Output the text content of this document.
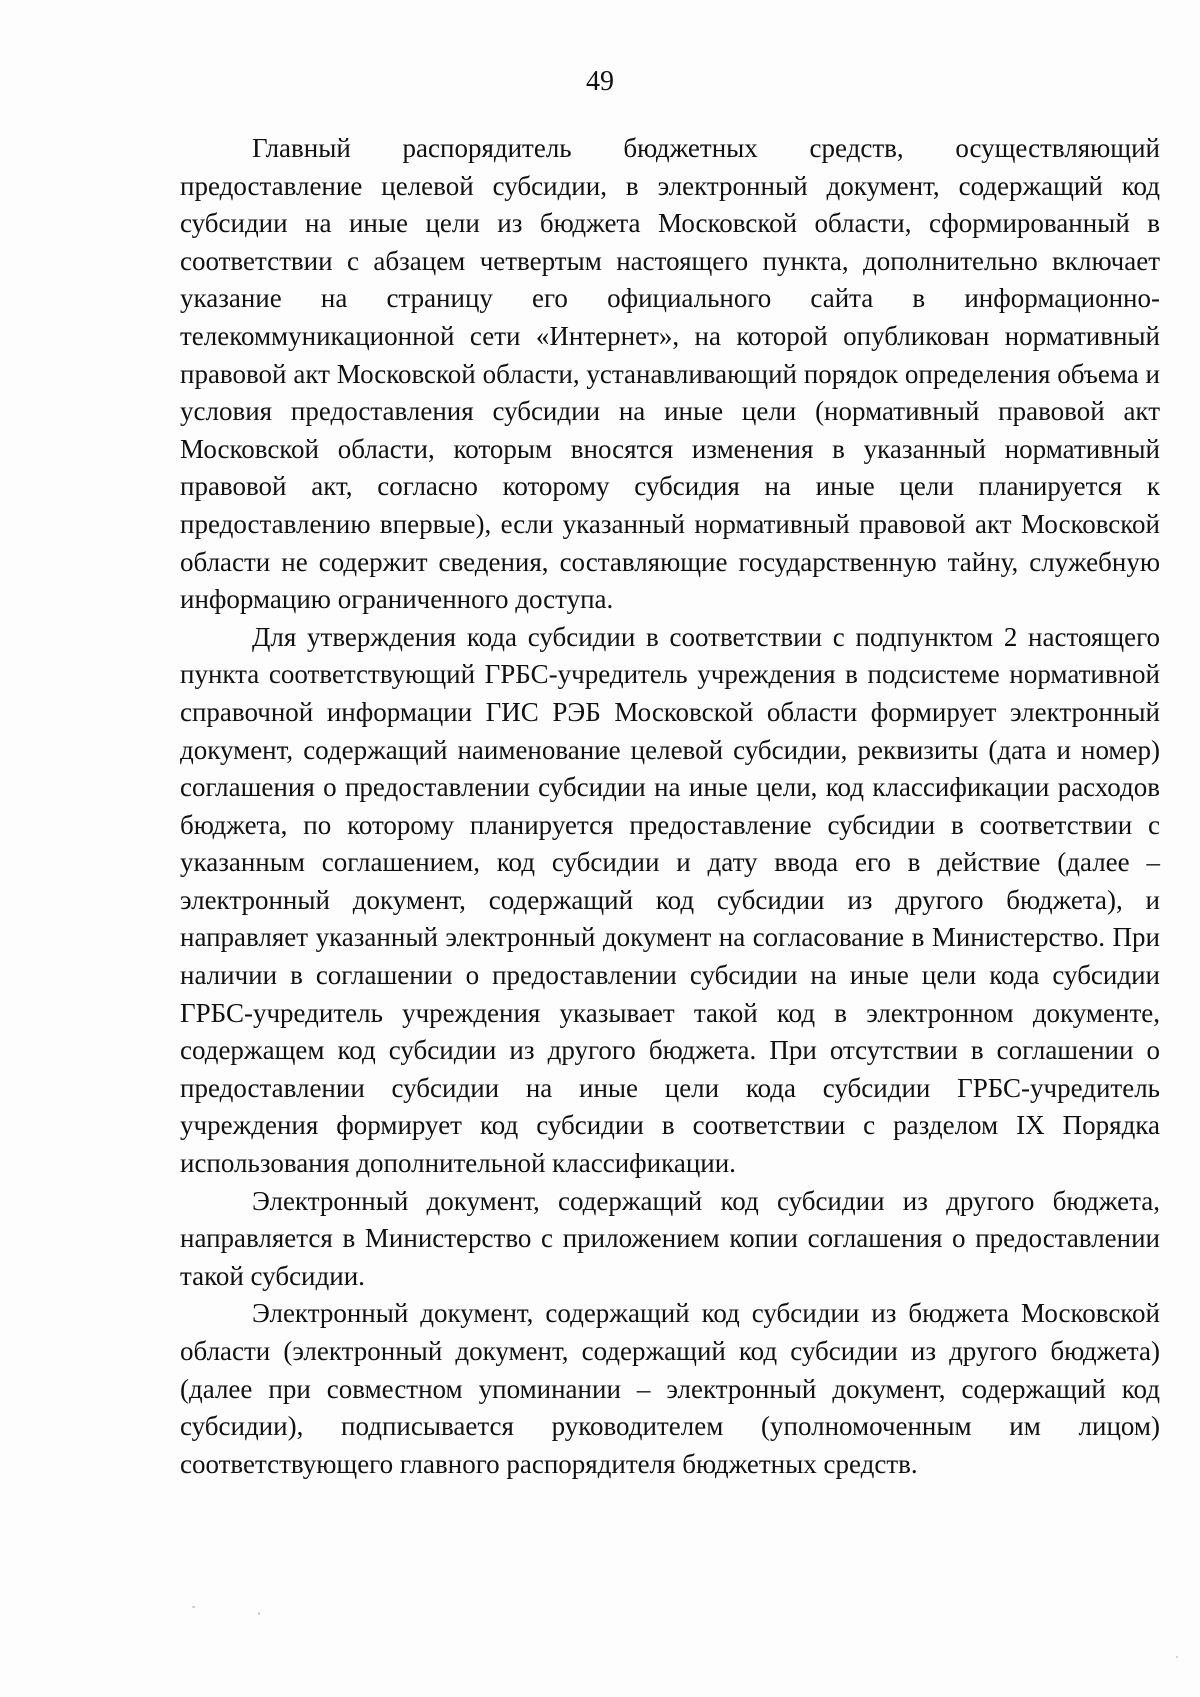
49

Главный распорядитель бюджетных средств, осуществляющий предоставление целевой субсидии, в электронный документ, содержащий код субсидии на иные цели из бюджета Московской области, сформированный в соответствии с абзацем четвертым настоящего пункта, дополнительно включает указание на страницу его официального сайта в информационно-телекоммуникационной сети «Интернет», на которой опубликован нормативный правовой акт Московской области, устанавливающий порядок определения объема и условия предоставления субсидии на иные цели (нормативный правовой акт Московской области, которым вносятся изменения в указанный нормативный правовой акт, согласно которому субсидия на иные цели планируется к предоставлению впервые), если указанный нормативный правовой акт Московской области не содержит сведения, составляющие государственную тайну, служебную информацию ограниченного доступа.

Для утверждения кода субсидии в соответствии с подпунктом 2 настоящего пункта соответствующий ГРБС-учредитель учреждения в подсистеме нормативной справочной информации ГИС РЭБ Московской области формирует электронный документ, содержащий наименование целевой субсидии, реквизиты (дата и номер) соглашения о предоставлении субсидии на иные цели, код классификации расходов бюджета, по которому планируется предоставление субсидии в соответствии с указанным соглашением, код субсидии и дату ввода его в действие (далее – электронный документ, содержащий код субсидии из другого бюджета), и направляет указанный электронный документ на согласование в Министерство. При наличии в соглашении о предоставлении субсидии на иные цели кода субсидии ГРБС-учредитель учреждения указывает такой код в электронном документе, содержащем код субсидии из другого бюджета. При отсутствии в соглашении о предоставлении субсидии на иные цели кода субсидии ГРБС-учредитель учреждения формирует код субсидии в соответствии с разделом IX Порядка использования дополнительной классификации.

Электронный документ, содержащий код субсидии из другого бюджета, направляется в Министерство с приложением копии соглашения о предоставлении такой субсидии.

Электронный документ, содержащий код субсидии из бюджета Московской области (электронный документ, содержащий код субсидии из другого бюджета) (далее при совместном упоминании – электронный документ, содержащий код субсидии), подписывается руководителем (уполномоченным им лицом) соответствующего главного распорядителя бюджетных средств.
